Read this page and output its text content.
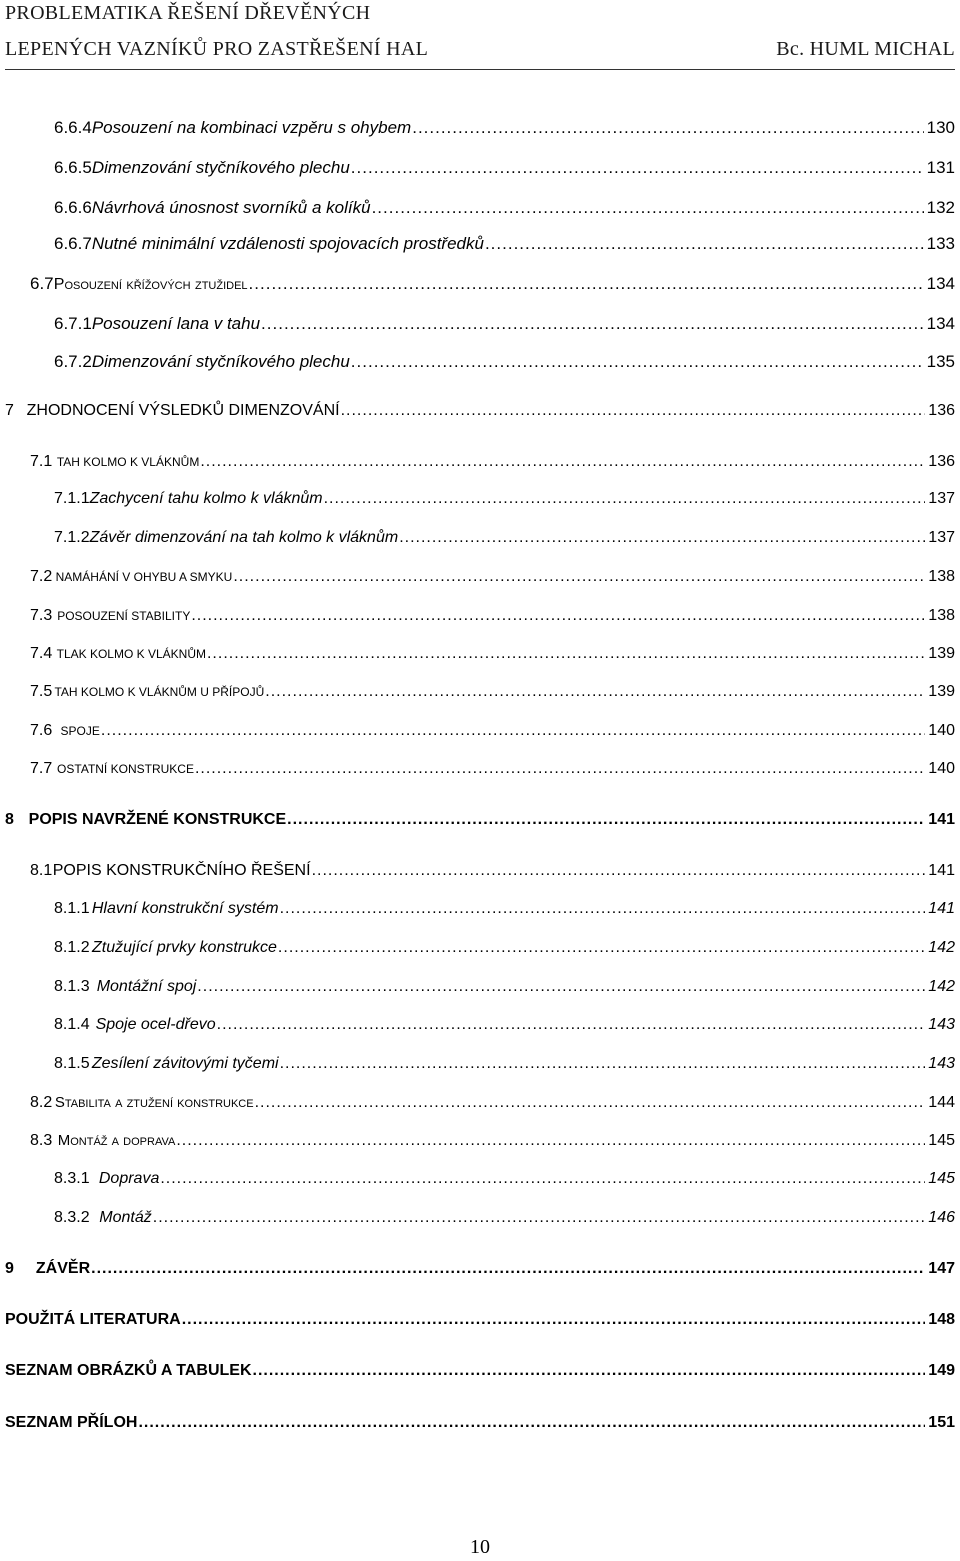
PROBLEMATIKA ŘEŠENÍ DŘEVĚNÝCH
LEPENÝCH VAZNÍKŮ PRO ZASTŘEŠENÍ HAL	Bc. HUML MICHAL
6.6.4 Posouzení na kombinaci vzpěru s ohybem .....	130
6.6.5 Dimenzování styčníkového plechu .....	131
6.6.6 Návrhová únosnost svorníků a kolíků .....	132
6.6.7 Nutné minimální vzdálenosti spojovacích prostředků .....	133
6.7 Posouzení křížových ztužidel .....	134
6.7.1 Posouzení lana v tahu .....	134
6.7.2 Dimenzování styčníkového plechu .....	135
7 ZHODNOCENÍ VÝSLEDKŮ DIMENZOVÁNÍ .....	136
7.1 TAH KOLMO K VLÁKNŮM .....	136
7.1.1 Zachycení tahu kolmo k vláknům .....	137
7.1.2 Závěr dimenzování na tah kolmo k vláknům .....	137
7.2 NAMÁHÁNÍ V OHYBU A SMYKU .....	138
7.3 POSOUZENÍ STABILITY .....	138
7.4 TLAK KOLMO K VLÁKNŮM .....	139
7.5 TAH KOLMO K VLÁKNŮM U PŘÍPOJŮ .....	139
7.6 SPOJE .....	140
7.7 OSTATNÍ KONSTRUKCE .....	140
8 POPIS NAVRŽENÉ KONSTRUKCE .....	141
8.1 POPIS KONSTRUKČNÍHO ŘEŠENÍ .....	141
8.1.1 Hlavní konstrukční systém .....	141
8.1.2 Ztužující prvky konstrukce .....	142
8.1.3 Montážní spoj .....	142
8.1.4 Spoje ocel-dřevo .....	143
8.1.5 Zesílení závitovými tyčemi .....	143
8.2 Stabilita a ztužení konstrukce .....	144
8.3 Montáž a doprava .....	145
8.3.1 Doprava .....	145
8.3.2 Montáž .....	146
9	ZÁVĚR .....	147
POUŽITÁ LITERATURA .....	148
SEZNAM OBRÁZKŮ A TABULEK .....	149
SEZNAM PŘÍLOH .....	151
10
